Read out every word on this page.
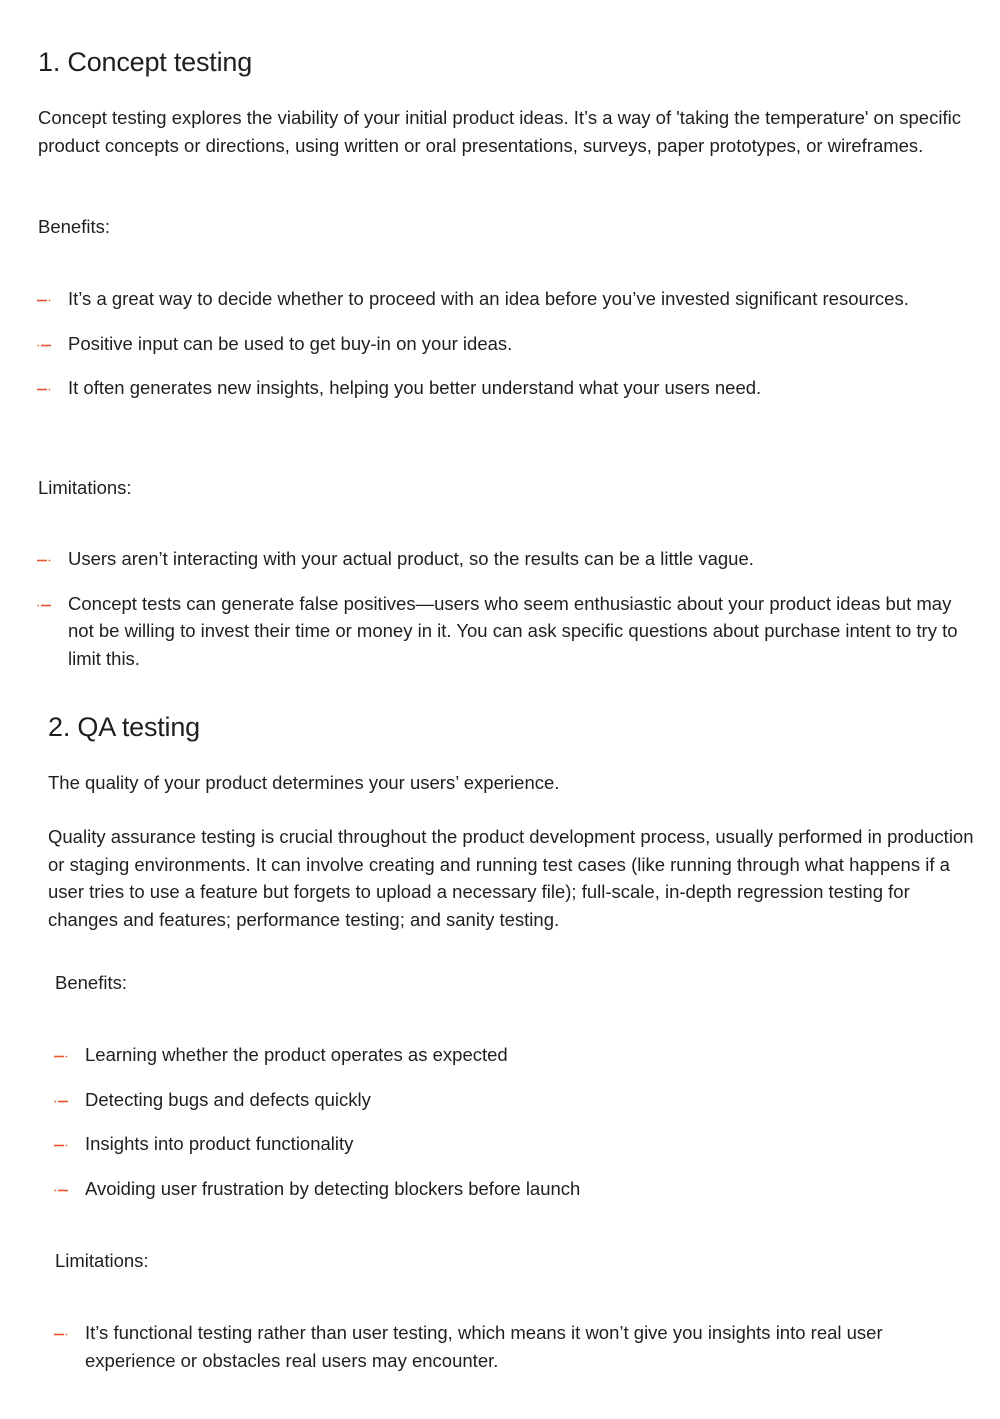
1. Concept testing

Concept testing explores the viability of your initial product ideas. It’s a way of 'taking the temperature' on specific product concepts or directions, using written or oral presentations, surveys, paper prototypes, or wireframes.

Benefits:
It’s a great way to decide whether to proceed with an idea before you’ve invested significant resources.
Positive input can be used to get buy-in on your ideas.
It often generates new insights, helping you better understand what your users need.
Limitations:
Users aren’t interacting with your actual product, so the results can be a little vague.
Concept tests can generate false positives—users who seem enthusiastic about your product ideas but may not be willing to invest their time or money in it. You can ask specific questions about purchase intent to try to limit this.
2. QA testing

The quality of your product determines your users’ experience.

Quality assurance testing is crucial throughout the product development process, usually performed in production or staging environments. It can involve creating and running test cases (like running through what happens if a user tries to use a feature but forgets to upload a necessary file); full-scale, in-depth regression testing for changes and features; performance testing; and sanity testing.

Benefits:
Learning whether the product operates as expected
Detecting bugs and defects quickly
Insights into product functionality
Avoiding user frustration by detecting blockers before launch
Limitations:
It’s functional testing rather than user testing, which means it won’t give you insights into real user experience or obstacles real users may encounter.
